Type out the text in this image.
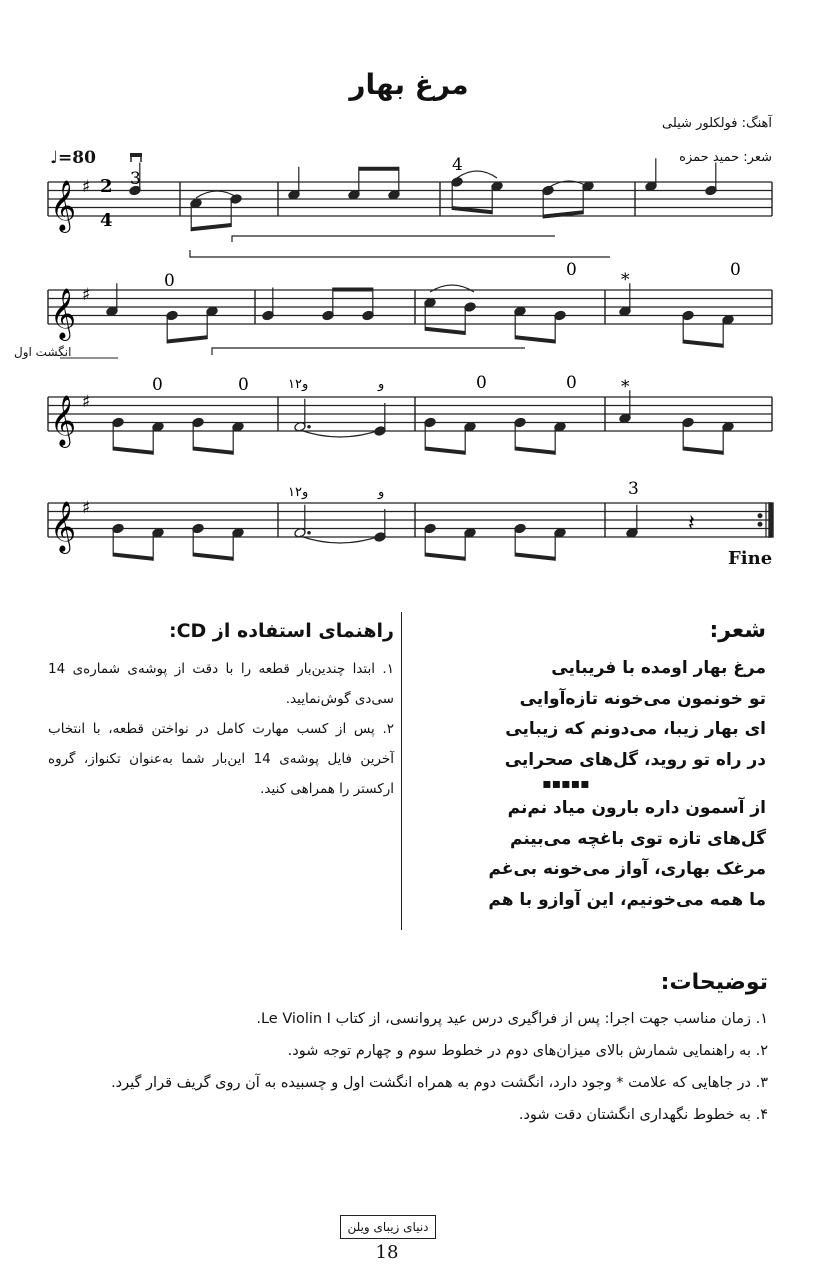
مرغ بهار
آهنگ: فولکلور شیلی
شعر: حمید حمزه
♩=80
𝄞 ♯
𝄞 ♯
𝄞 ♯
𝄞 ♯
𝄽
3
4
0
0	*	0
0	0	۱و۲	و	0	0	*
۱و۲	و	3
2
4
Fine
انگشت اول
شعر:
مرغ بهار اومده با فریبایی
تو خونمون می‌خونه تازه‌آوایی
ای بهار زیبا، می‌دونم که زیبایی
در راه تو روید، گل‌های صحرایی
▪▪▪▪▪
از آسمون داره بارون میاد نم‌نم
گل‌های تازه توی باغچه می‌بینم
مرغک بهاری، آواز می‌خونه بی‌غم
ما همه می‌خونیم، این آوازو با هم
راهنمای استفاده از CD:

۱. ابتدا چندین‌بار قطعه را با دقت از پوشه‌ی شماره‌ی 14 سی‌دی گوش‌نمایید.

۲. پس از کسب مهارت کامل در نواختن قطعه، با انتخاب آخرین فایل پوشه‌ی 14 این‌بار شما به‌عنوان تکنواز، گروه ارکستر را همراهی کنید.

توضیحات:

۱. زمان مناسب جهت اجرا: پس از فراگیری درس عید پروانسی، از کتاب Le Violin I.

۲. به راهنمایی شمارش بالای میزان‌های دوم در خطوط سوم و چهارم توجه شود.

۳. در جاهایی که علامت * وجود دارد، انگشت دوم به همراه انگشت اول و چسبیده به آن روی گریف قرار گیرد.

۴. به خطوط نگهداری انگشتان دقت شود.

دنیای زیبای ویلن
18
